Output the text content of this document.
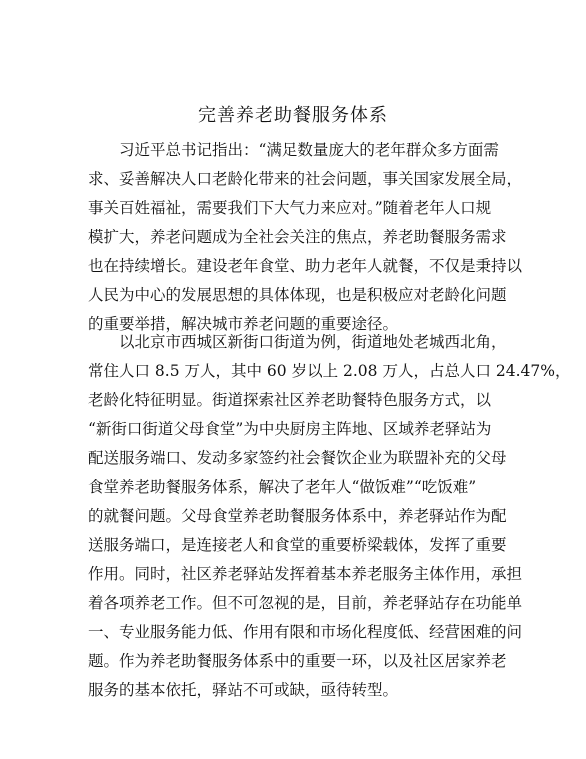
完善养老助餐服务体系
习近平总书记指出：“满足数量庞大的老年群众多方面需
求、妥善解决人口老龄化带来的社会问题，事关国家发展全局，
事关百姓福祉，需要我们下大气力来应对。”随着老年人口规
模扩大，养老问题成为全社会关注的焦点，养老助餐服务需求
也在持续增长。建设老年食堂、助力老年人就餐，不仅是秉持以
人民为中心的发展思想的具体体现，也是积极应对老龄化问题
的重要举措，解决城市养老问题的重要途径。
以北京市西城区新街口街道为例，街道地处老城西北角，
常住人口 8.5 万人，其中 60 岁以上 2.08 万人，占总人口 24.47%，
老龄化特征明显。街道探索社区养老助餐特色服务方式，以
“新街口街道父母食堂”为中央厨房主阵地、区域养老驿站为
配送服务端口、发动多家签约社会餐饮企业为联盟补充的父母
食堂养老助餐服务体系，解决了老年人“做饭难”“吃饭难”
的就餐问题。父母食堂养老助餐服务体系中，养老驿站作为配
送服务端口，是连接老人和食堂的重要桥梁载体，发挥了重要
作用。同时，社区养老驿站发挥着基本养老服务主体作用，承担
着各项养老工作。但不可忽视的是，目前，养老驿站存在功能单
一、专业服务能力低、作用有限和市场化程度低、经营困难的问
题。作为养老助餐服务体系中的重要一环，以及社区居家养老
服务的基本依托，驿站不可或缺，亟待转型。
